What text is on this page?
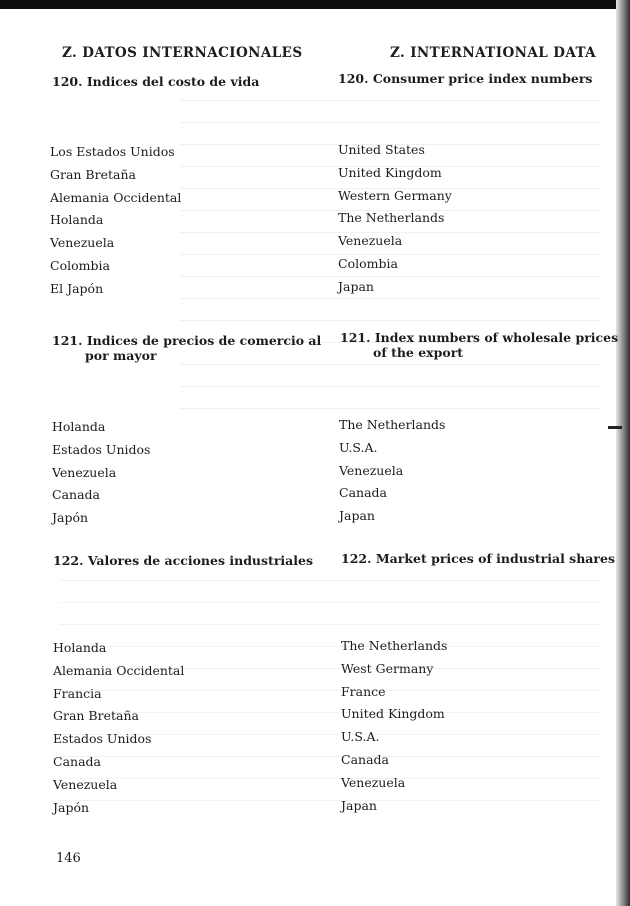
Z. DATOS INTERNACIONALES	Z. INTERNATIONAL DATA
120. Indices del costo de vida	120. Consumer price index numbers
Los Estados Unidos
Gran Bretaña
Alemania Occidental
Holanda
Venezuela
Colombia
El Japón
United States
United Kingdom
Western Germany
The Netherlands
Venezuela
Colombia
Japan
121. Indices de precios de comercio al
por mayor
121. Index numbers of wholesale prices
of the export
Holanda
Estados Unidos
Venezuela
Canada
Japón
The Netherlands
U.S.A.
Venezuela
Canada
Japan
122. Valores de acciones industriales 122. Market prices of industrial shares
Holanda
Alemania Occidental
Francia
Gran Bretaña
Estados Unidos
Canada
Venezuela
Japón
The Netherlands
West Germany
France
United Kingdom
U.S.A.
Canada
Venezuela
Japan
146
